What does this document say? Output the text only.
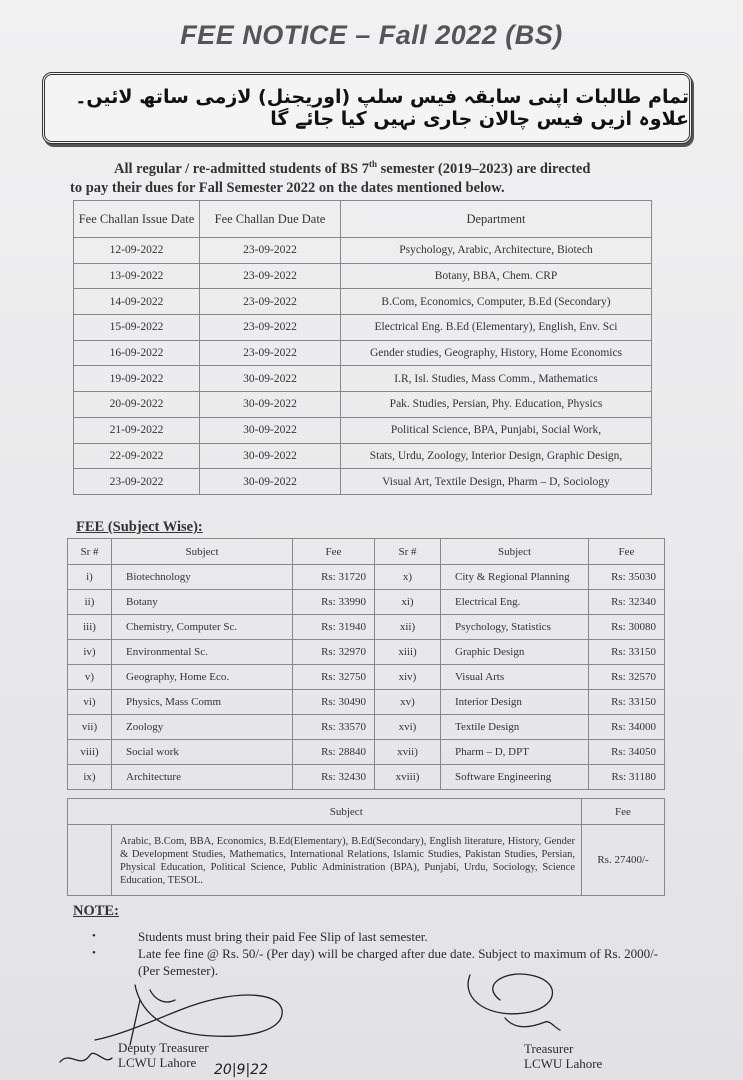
FEE NOTICE – Fall 2022 (BS)
تمام طالبات اپنی سابقہ فیس سلپ (اوریجنل) لازمی ساتھ لائیں۔ علاوہ ازیں فیس چالان جاری نہیں کیا جائے گا
All regular / re-admitted students of BS 7th semester (2019–2023) are directed
to pay their dues for Fall Semester 2022 on the dates mentioned below.
Fee Challan Issue Date	Fee Challan Due Date	Department
12-09-2022	23-09-2022	Psychology, Arabic, Architecture, Biotech
13-09-2022	23-09-2022	Botany, BBA, Chem. CRP
14-09-2022	23-09-2022	B.Com, Economics, Computer, B.Ed (Secondary)
15-09-2022	23-09-2022	Electrical Eng. B.Ed (Elementary), English, Env. Sci
16-09-2022	23-09-2022	Gender studies, Geography, History, Home Economics
19-09-2022	30-09-2022	I.R, Isl. Studies, Mass Comm., Mathematics
20-09-2022	30-09-2022	Pak. Studies, Persian, Phy. Education, Physics
21-09-2022	30-09-2022	Political Science, BPA, Punjabi, Social Work,
22-09-2022	30-09-2022	Stats, Urdu, Zoology, Interior Design, Graphic Design,
23-09-2022	30-09-2022	Visual Art, Textile Design, Pharm – D, Sociology
FEE (Subject Wise):
Sr #	Subject	Fee	Sr #	Subject	Fee
i)	Biotechnology	Rs: 31720	x)	City & Regional Planning	Rs: 35030
ii)	Botany	Rs: 33990	xi)	Electrical Eng.	Rs: 32340
iii)	Chemistry, Computer Sc.	Rs: 31940	xii)	Psychology, Statistics	Rs: 30080
iv)	Environmental Sc.	Rs: 32970	xiii)	Graphic Design	Rs: 33150
v)	Geography, Home Eco.	Rs: 32750	xiv)	Visual Arts	Rs: 32570
vi)	Physics, Mass Comm	Rs: 30490	xv)	Interior Design	Rs: 33150
vii)	Zoology	Rs: 33570	xvi)	Textile Design	Rs: 34000
viii)	Social work	Rs: 28840	xvii)	Pharm – D, DPT	Rs: 34050
ix)	Architecture	Rs: 32430	xviii)	Software Engineering	Rs: 31180
	Subject	Fee
	Arabic, B.Com, BBA, Economics, B.Ed(Elementary), B.Ed(Secondary), English literature, History, Gender & Development Studies, Mathematics, International Relations, Islamic Studies, Pakistan Studies, Persian, Physical Education, Political Science, Public Administration (BPA), Punjabi, Urdu, Sociology, Science Education, TESOL.	Rs. 27400/-
NOTE:
•	Students must bring their paid Fee Slip of last semester.
•	Late fee fine @ Rs. 50/- (Per day) will be charged after due date. Subject to maximum of Rs. 2000/- (Per Semester).
Deputy Treasurer
LCWU Lahore	20|9|22
Treasurer
LCWU Lahore
